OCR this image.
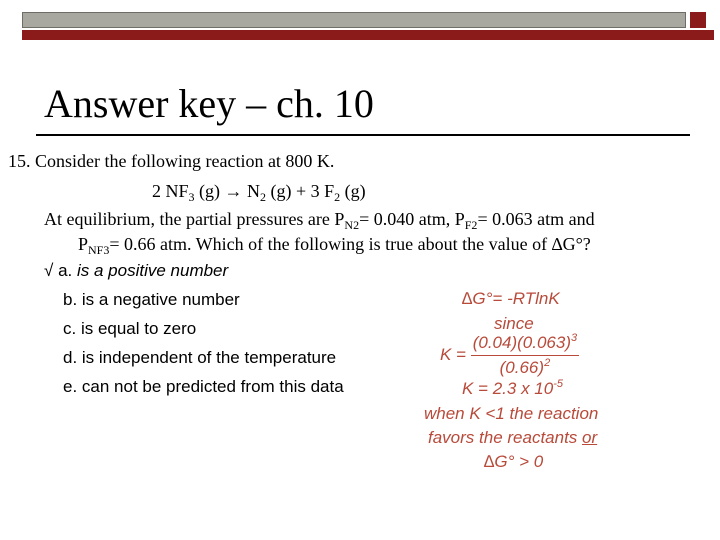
Answer key – ch. 10
15. Consider the following reaction at 800 K.
2 $NF_3$ $(g) \to N_2$ (g) + 3 $F_2$ (g)
At equilibrium, the partial pressures are $P_{N2}= 0.040$ atm, $P_{F2}= 0.063$ atm and
$P_{NF3}= 0.66$ atm. Which of the following is true about the value of ∆G°?
√ a. is a positive number
b. is a negative number
c. is equal to zero
d. is independent of the temperature
e. can not be predicted from this data
∆G°= -RTlnK
since
$K = \frac{(0.04)(0.063)^3}{(0.66)^2}$
K = 2.3 x $10^{-5}$
when K <1 the reaction
favors the reactants or
∆G° > 0
